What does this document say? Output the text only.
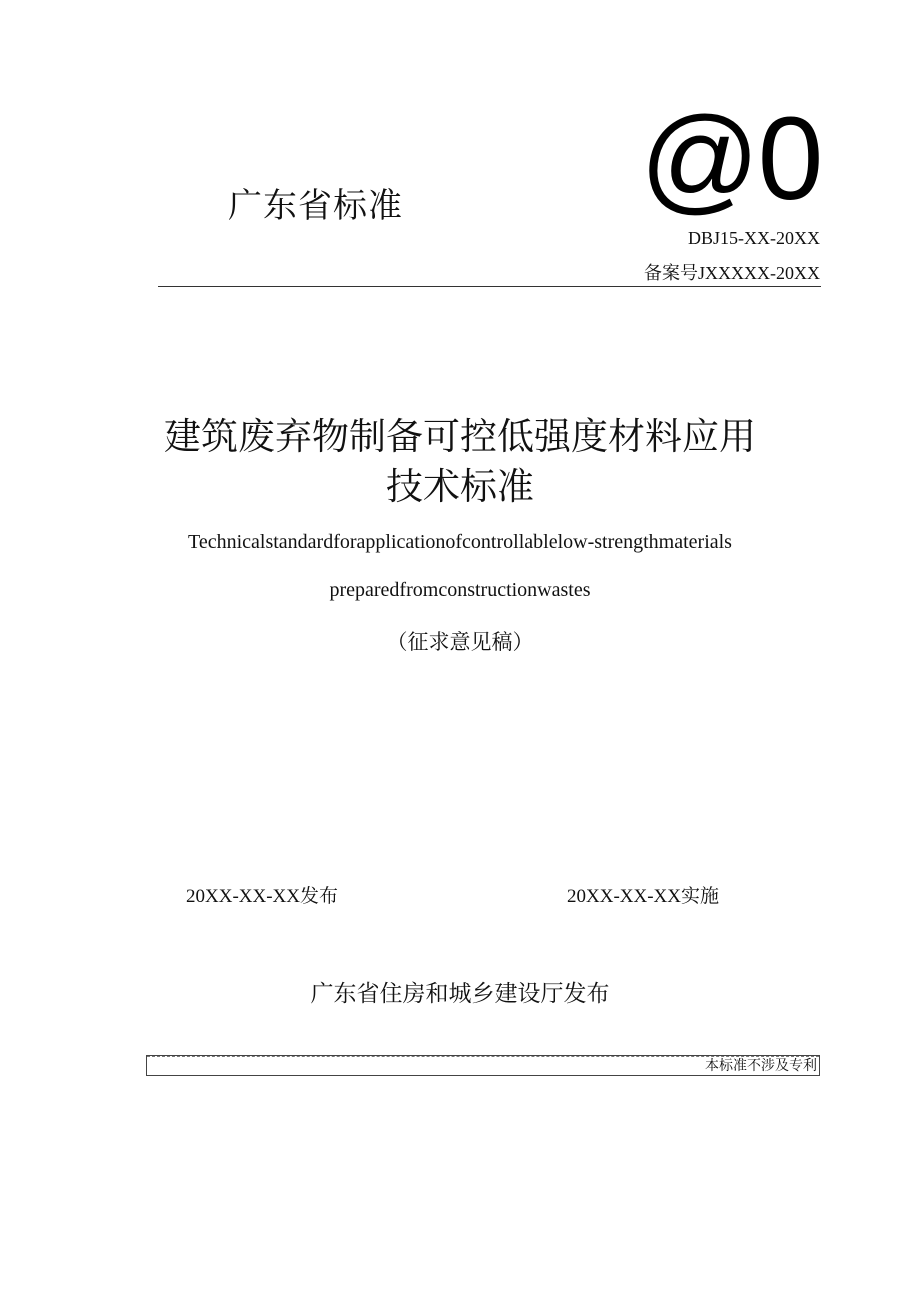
广东省标准 @0
DBJ15-XX-20XX
备案号JXXXXX-20XX
建筑废弃物制备可控低强度材料应用
技术标准
Technicalstandardforapplicationofcontrollablelow-strengthmaterials
preparedfromconstructionwastes
（征求意见稿）
20XX-XX-XX发布	20XX-XX-XX实施
广东省住房和城乡建设厅发布
本标准不涉及专利
